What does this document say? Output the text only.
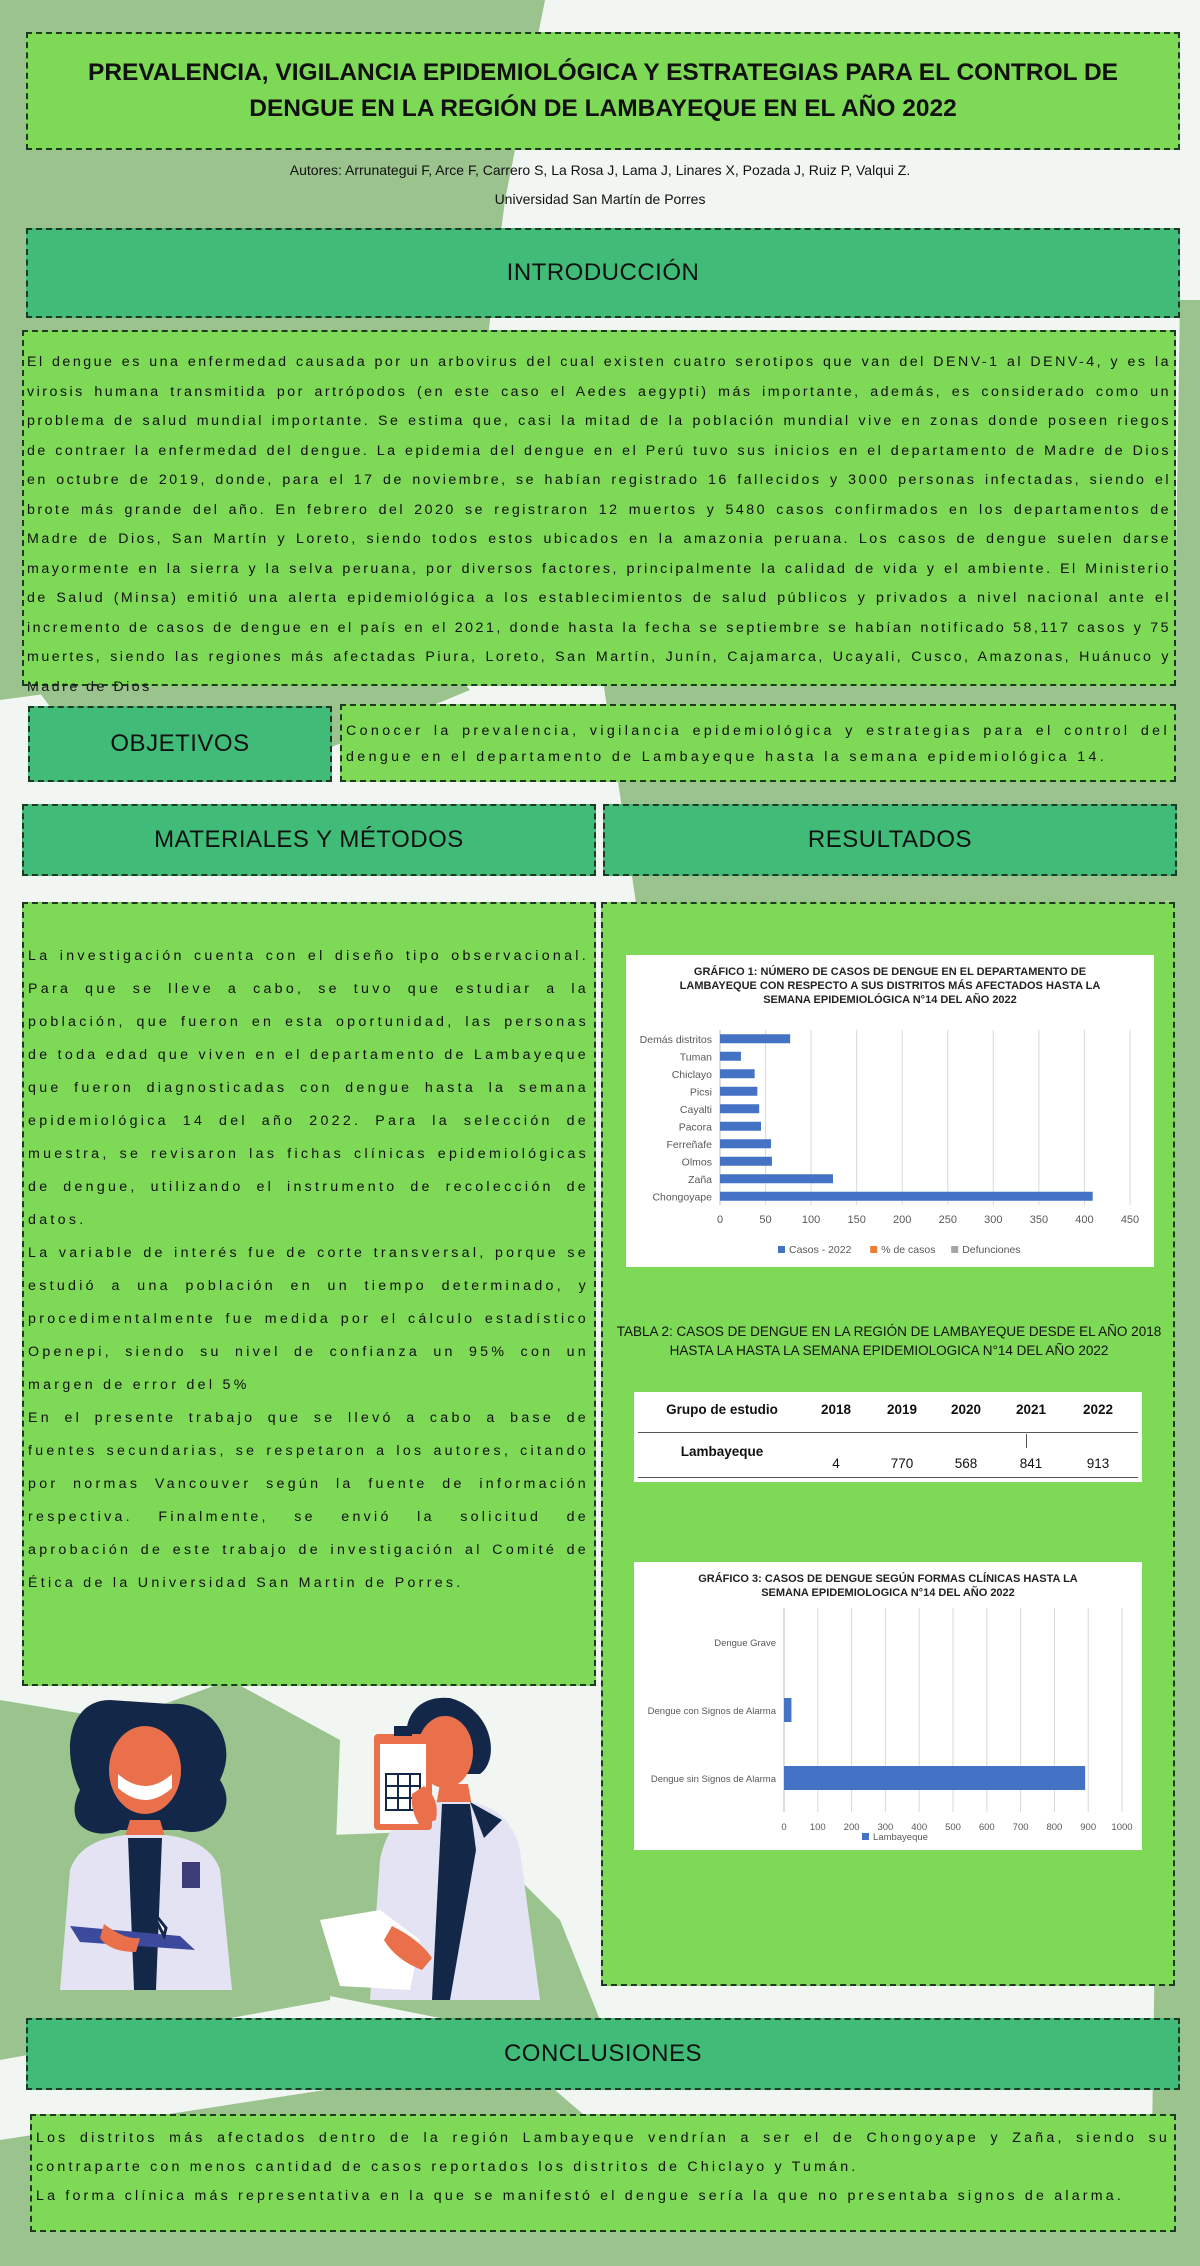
PREVALENCIA, VIGILANCIA EPIDEMIOLÓGICA Y ESTRATEGIAS PARA EL CONTROL DE DENGUE EN LA REGIÓN DE LAMBAYEQUE EN EL AÑO 2022
Autores: Arrunategui F, Arce F, Carrero S, La Rosa J, Lama J, Linares X, Pozada J, Ruiz P, Valqui Z.
Universidad San Martín de Porres
INTRODUCCIÓN

El dengue es una enfermedad causada por un arbovirus del cual existen cuatro serotipos que van del DENV-1 al DENV-4, y es la virosis humana transmitida por artrópodos (en este caso el Aedes aegypti) más importante, además, es considerado como un problema de salud mundial importante. Se estima que, casi la mitad de la población mundial vive en zonas donde poseen riegos de contraer la enfermedad del dengue. La epidemia del dengue en el Perú tuvo sus inicios en el departamento de Madre de Dios en octubre de 2019, donde, para el 17 de noviembre, se habían registrado 16 fallecidos y 3000 personas infectadas, siendo el brote más grande del año. En febrero del 2020 se registraron 12 muertos y 5480 casos confirmados en los departamentos de Madre de Dios, San Martín y Loreto, siendo todos estos ubicados en la amazonia peruana. Los casos de dengue suelen darse mayormente en la sierra y la selva peruana, por diversos factores, principalmente la calidad de vida y el ambiente. El Ministerio de Salud (Minsa) emitió una alerta epidemiológica a los establecimientos de salud públicos y privados a nivel nacional ante el incremento de casos de dengue en el país en el 2021, donde hasta la fecha se septiembre se habían notificado 58,117 casos y 75 muertes, siendo las regiones más afectadas Piura, Loreto, San Martín, Junín, Cajamarca, Ucayali, Cusco, Amazonas, Huánuco y Madre de Dios

OBJETIVOS	Conocer la prevalencia, vigilancia epidemiológica y estrategias para el control del dengue en el departamento de Lambayeque hasta la semana epidemiológica 14.

MATERIALES Y MÉTODOS	RESULTADOS

La investigación cuenta con el diseño tipo observacional. Para que se lleve a cabo, se tuvo que estudiar a la población, que fueron en esta oportunidad, las personas de toda edad que viven en el departamento de Lambayeque que fueron diagnosticadas con dengue hasta la semana epidemiológica 14 del año 2022. Para la selección de muestra, se revisaron las fichas clínicas epidemiológicas de dengue, utilizando el instrumento de recolección de datos.

La variable de interés fue de corte transversal, porque se estudió a una población en un tiempo determinado, y procedimentalmente fue medida por el cálculo estadístico Openepi, siendo su nivel de confianza un 95% con un margen de error del 5%

En el presente trabajo que se llevó a cabo a base de fuentes secundarias, se respetaron a los autores, citando por normas Vancouver según la fuente de información respectiva. Finalmente, se envió la solicitud de aprobación de este trabajo de investigación al Comité de Ética de la Universidad San Martin de Porres.

GRÁFICO 1: NÚMERO DE CASOS DE DENGUE EN EL DEPARTAMENTO DE LAMBAYEQUE CON RESPECTO A SUS DISTRITOS MÁS AFECTADOS HASTA LA SEMANA EPIDEMIOLÓGICA N°14 DEL AÑO 2022
0	50	100 150 200 250 300 350 400 450
Chongoyape
Zaña
Olmos
Ferreñafe
Pacora
Cayalti
Picsi
Chiclayo
Tuman
Demás distritos
Casos - 2022	% de casos	Defunciones
TABLA 2: CASOS DE DENGUE EN LA REGIÓN DE LAMBAYEQUE DESDE EL AÑO 2018 HASTA LA HASTA LA SEMANA EPIDEMIOLOGICA N°14 DEL AÑO 2022
Grupo de estudio	2018	2019	2020	2021	2022
Lambayeque
4	770	568	841	913
GRÁFICO 3: CASOS DE DENGUE SEGÚN FORMAS CLÍNICAS HASTA LA SEMANA EPIDEMIOLOGICA N°14 DEL AÑO 2022
0 100 200 300 400 500 600 700 800 900 1000
Dengue sin Signos de Alarma
Dengue con Signos de Alarma
Dengue Grave
Lambayeque
CONCLUSIONES

Los distritos más afectados dentro de la región Lambayeque vendrían a ser el de Chongoyape y Zaña, siendo su contraparte con menos cantidad de casos reportados los distritos de Chiclayo y Tumán.

La forma clínica más representativa en la que se manifestó el dengue sería la que no presentaba signos de alarma.
